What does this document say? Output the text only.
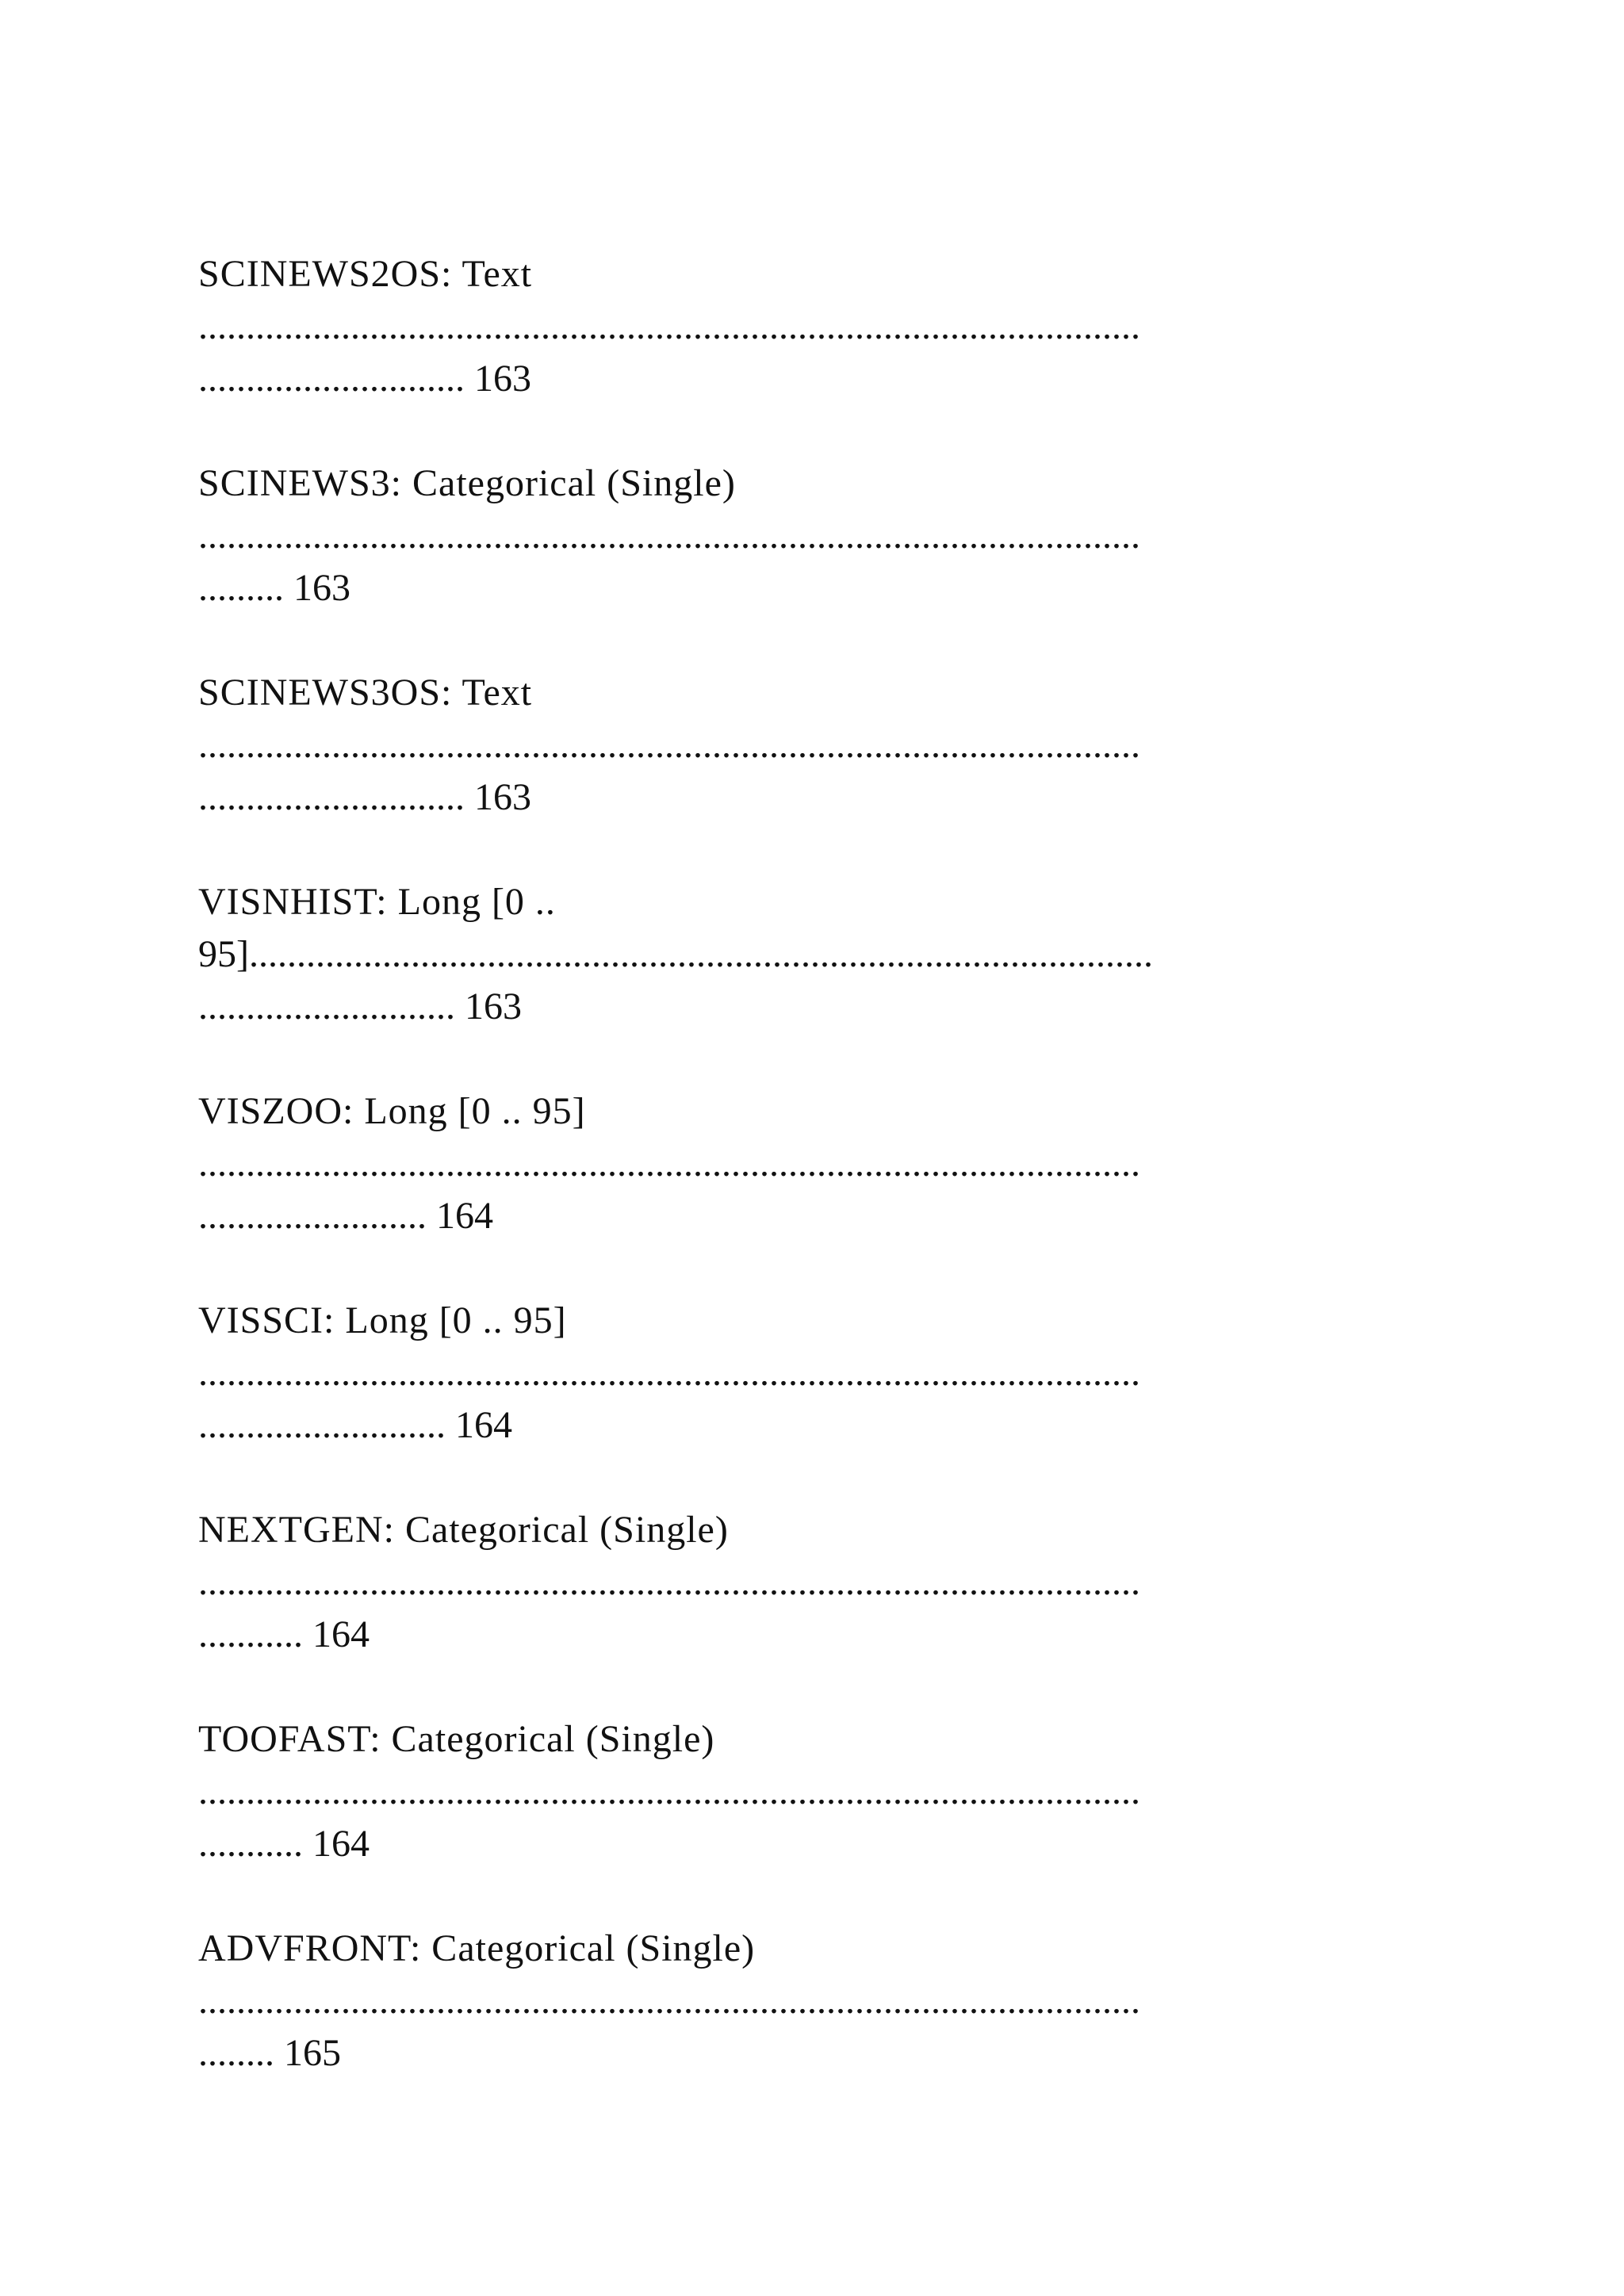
SCINEWS2OS: Text
...................................................................................................
............................ 163
SCINEWS3: Categorical (Single)
...................................................................................................
......... 163
SCINEWS3OS: Text
...................................................................................................
............................ 163
VISNHIST: Long [0 ..
95]...............................................................................................
........................... 163
VISZOO: Long [0 .. 95]
...................................................................................................
........................ 164
VISSCI: Long [0 .. 95]
...................................................................................................
.......................... 164
NEXTGEN: Categorical (Single)
...................................................................................................
........... 164
TOOFAST: Categorical (Single)
...................................................................................................
........... 164
ADVFRONT: Categorical (Single)
...................................................................................................
........ 165
